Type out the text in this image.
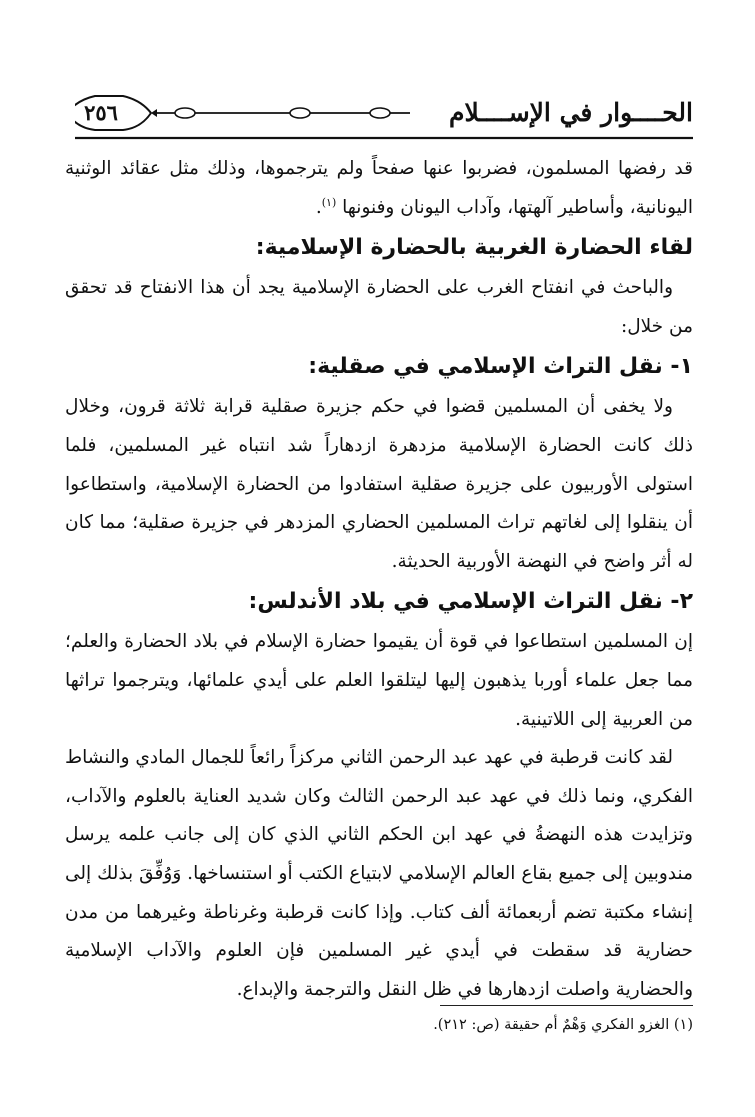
٢٥٦	الحــــوار في الإســــلام

قد رفضها المسلمون، فضربوا عنها صفحاً ولم يترجموها، وذلك مثل عقائد الوثنية اليونانية، وأساطير آلهتها، وآداب اليونان وفنونها $^{(١)}$.

لقاء الحضارة الغربية بالحضارة الإسلامية:

والباحث في انفتاح الغرب على الحضارة الإسلامية يجد أن هذا الانفتاح قد تحقق من خلال:

١- نقل التراث الإسلامي في صقلية:

ولا يخفى أن المسلمين قضوا في حكم جزيرة صقلية قرابة ثلاثة قرون، وخلال ذلك كانت الحضارة الإسلامية مزدهرة ازدهاراً شد انتباه غير المسلمين، فلما استولى الأوربيون على جزيرة صقلية استفادوا من الحضارة الإسلامية، واستطاعوا أن ينقلوا إلى لغاتهم تراث المسلمين الحضاري المزدهر في جزيرة صقلية؛ مما كان له أثر واضح في النهضة الأوربية الحديثة.

٢- نقل التراث الإسلامي في بلاد الأندلس:

إن المسلمين استطاعوا في قوة أن يقيموا حضارة الإسلام في بلاد الحضارة والعلم؛ مما جعل علماء أوربا يذهبون إليها ليتلقوا العلم على أيدي علمائها، ويترجموا تراثها من العربية إلى اللاتينية.

لقد كانت قرطبة في عهد عبد الرحمن الثاني مركزاً رائعاً للجمال المادي والنشاط الفكري، ونما ذلك في عهد عبد الرحمن الثالث وكان شديد العناية بالعلوم والآداب، وتزايدت هذه النهضةُ في عهد ابن الحكم الثاني الذي كان إلى جانب علمه يرسل مندوبين إلى جميع بقاع العالم الإسلامي لابتياع الكتب أو استنساخها. وَوُفِّقَ بذلك إلى إنشاء مكتبة تضم أربعمائة ألف كتاب. وإذا كانت قرطبة وغرناطة وغيرهما من مدن حضارية قد سقطت في أيدي غير المسلمين فإن العلوم والآداب الإسلامية والحضارية واصلت ازدهارها في ظل النقل والترجمة والإبداع.

(١) الغزو الفكري وَهْمٌ أم حقيقة (ص: ٢١٢).
